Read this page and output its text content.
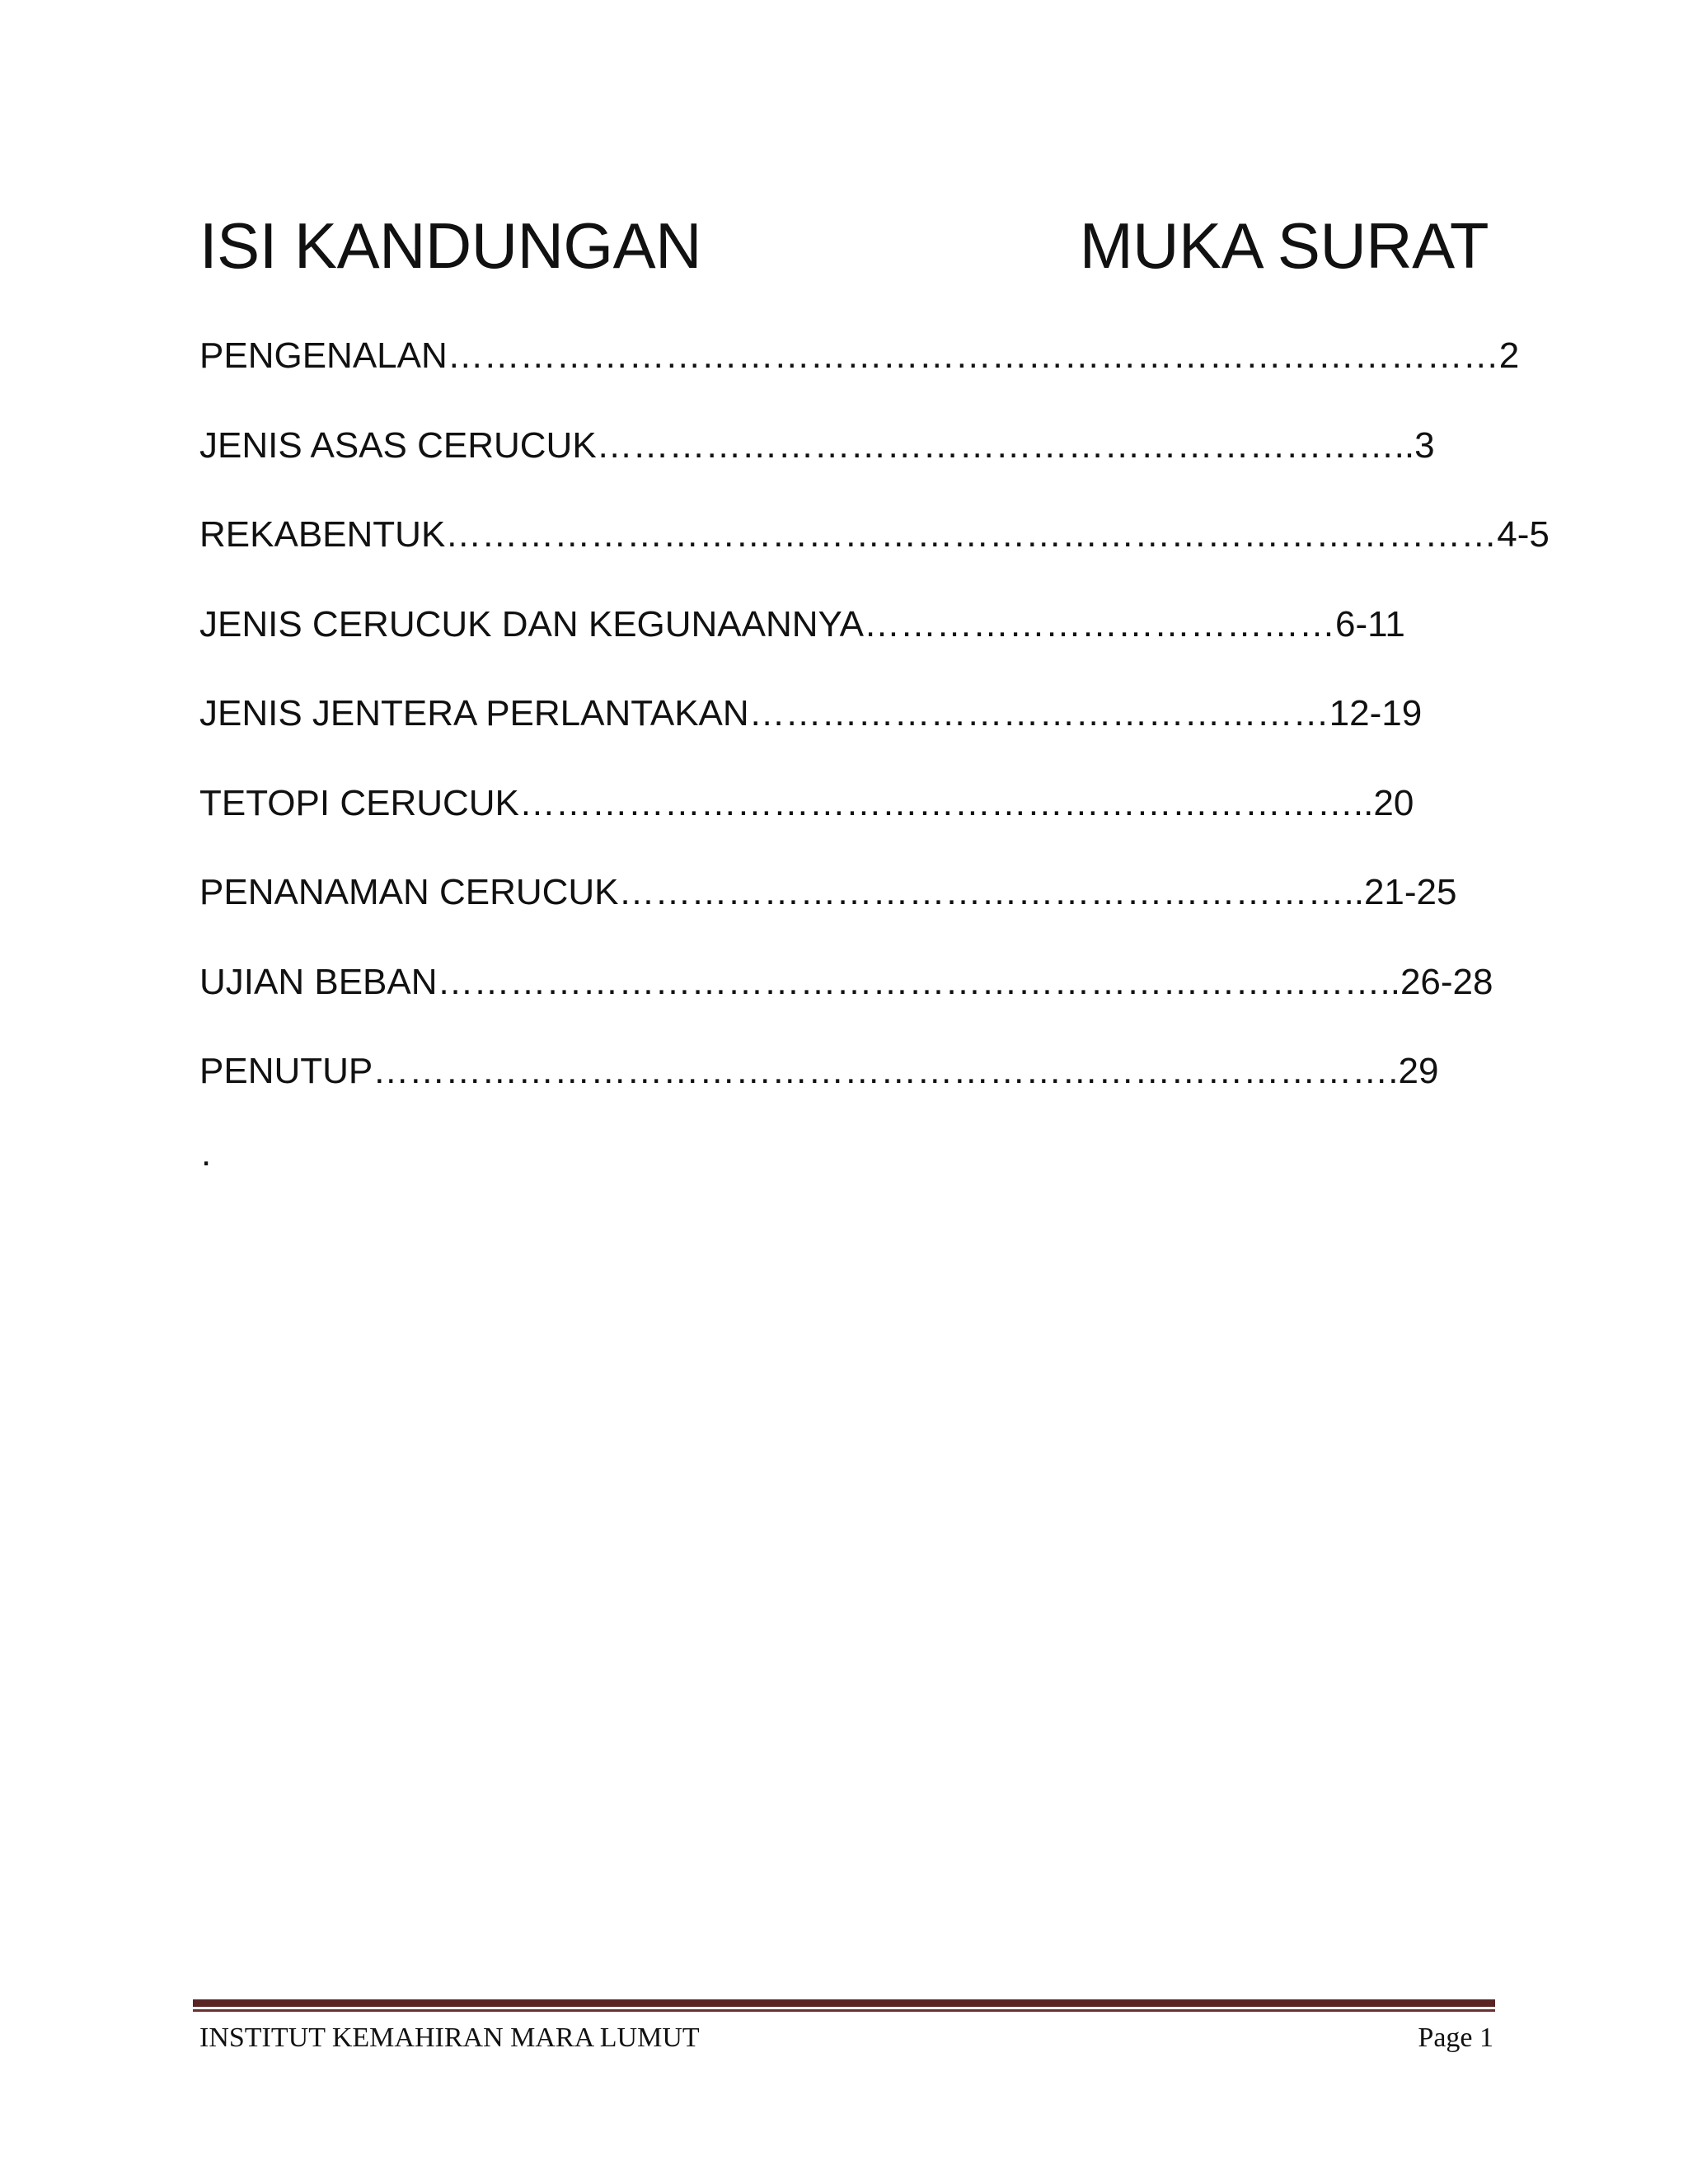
ISI KANDUNGAN	MUKA SURAT
PENGENALAN……………………………………………………………………………2
JENIS ASAS CERUCUK…………………………………………………………..3
REKABENTUK……………………………………………………………………………4-5
JENIS CERUCUK DAN KEGUNAANNYA…………………………………6-11
JENIS JENTERA PERLANTAKAN…………………………………………12-19
TETOPI CERUCUK……………………………………………………………..20
PENANAMAN CERUCUK……………………………………………………..21-25
UJIAN BEBAN……………………………………………………………………..26-28
PENUTUP………………………………………………………………………….29
.
INSTITUT KEMAHIRAN MARA LUMUT	Page 1
